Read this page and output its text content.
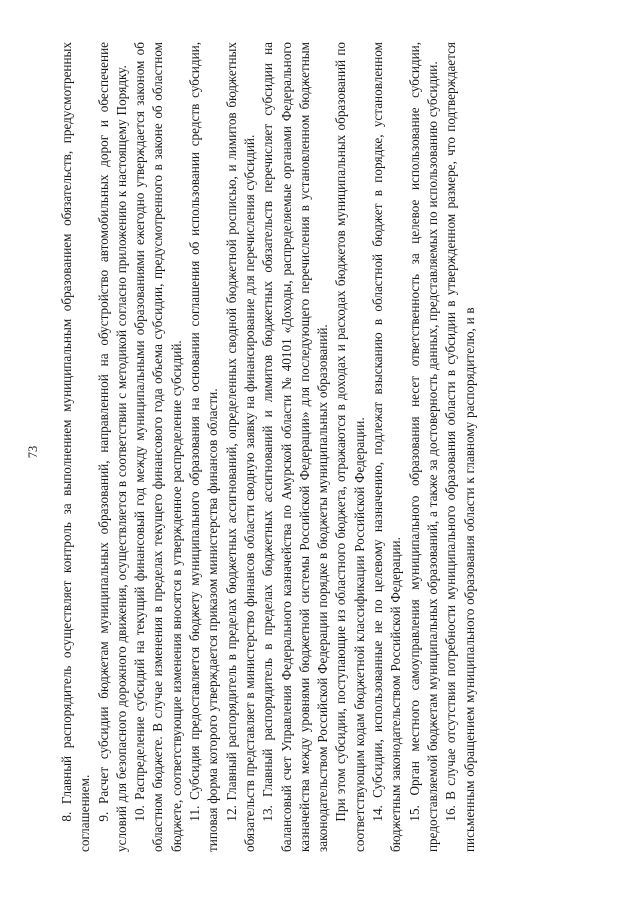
73 8. Главный распорядитель осуществляет контроль за выполнением муниципальным образованием обязательств, предусмотренных соглашением. 9. Расчет субсидии бюджетам муниципальных образований, направленной на обустройство автомобильных дорог и обеспечение условий для безопасного дорожного движения, осуществляется в соответствии с методикой согласно приложению к настоящему Порядку. 10. Распределение субсидий на текущий финансовый год между муниципальными образованиями ежегодно утверждается законом об областном бюджете. В случае изменения в пределах текущего финансового года объема субсидии, предусмотренного в законе об областном бюджете, соответствующие изменения вносятся в утвержденное распределение субсидий. 11. Субсидия предоставляется бюджету муниципального образования на основании соглашения об использовании средств субсидии, типовая форма которого утверждается приказом министерства финансов области. 12. Главный распорядитель в пределах бюджетных ассигнований, определенных сводной бюджетной росписью, и лимитов бюджетных обязательств представляет в министерство финансов области сводную заявку на финансирование для перечисления субсидий. 13. Главный распорядитель в пределах бюджетных ассигнований и лимитов бюджетных обязательств перечисляет субсидии на балансовый счет Управления Федерального казначейства по Амурской области № 40101 «Доходы, распределяемые органами Федерального казначейства между уровнями бюджетной системы Российской Федерации» для последующего перечисления в установленном бюджетным законодательством Российской Федерации порядке в бюджеты муниципальных образований. При этом субсидии, поступающие из областного бюджета, отражаются в доходах и расходах бюджетов муниципальных образований по соответствующим кодам бюджетной классификации Российской Федерации. 14. Субсидии, использованные не по целевому назначению, подлежат взысканию в областной бюджет в порядке, установленном бюджетным законодательством Российской Федерации. 15. Орган местного самоуправления муниципального образования несет ответственность за целевое использование субсидии, предоставляемой бюджетам муниципальных образований, а также за достоверность данных, представляемых по использованию субсидии. 16. В случае отсутствия потребности муниципального образования области в субсидии в утвержденном размере, что подтверждается письменным обращением муниципального образования области к главному распорядителю, и в
